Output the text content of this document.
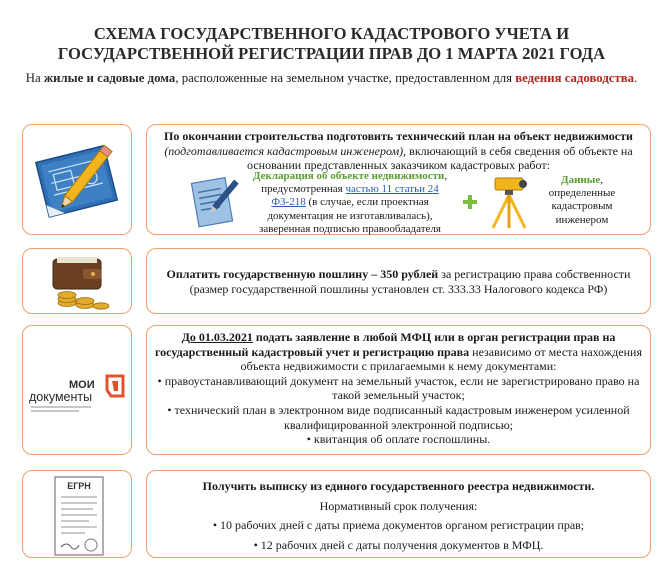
СХЕМА ГОСУДАРСТВЕННОГО КАДАСТРОВОГО УЧЕТА И
ГОСУДАРСТВЕННОЙ РЕГИСТРАЦИИ ПРАВ ДО 1 МАРТА 2021 ГОДА
На жилые и садовые дома, расположенные на земельном участке, предоставленном для ведения садоводства.
По окончании строительства подготовить технический план на объект недвижимости (подготавливается кадастровым инженером), включающий в себя сведения об объекте на основании представленных заказчиком кадастровых работ:
Декларация об объекте недвижимости, предусмотренная частью 11 статьи 24 ФЗ-218 (в случае, если проектная документация не изготавливалась), заверенная подписью правообладателя
Данные, определенные кадастровым инженером
Оплатить государственную пошлину – 350 рублей за регистрацию права собственности (размер государственной пошлины установлен ст. 333.33 Налогового кодекса РФ)
МОИ
документы
До 01.03.2021 подать заявление в любой МФЦ или в орган регистрации прав на государственный кадастровый учет и регистрацию права независимо от места нахождения объекта недвижимости с прилагаемыми к нему документами:
• правоустанавливающий документ на земельный участок, если не зарегистрировано право на такой земельный участок;
• технический план в электронном виде подписанный кадастровым инженером усиленной квалифицированной электронной подписью;
• квитанция об оплате госпошлины.
ЕГРН	Получить выписку из единого государственного реестра недвижимости.
Нормативный срок получения:
• 10 рабочих дней с даты приема документов органом регистрации прав;
• 12 рабочих дней с даты получения документов в МФЦ.
